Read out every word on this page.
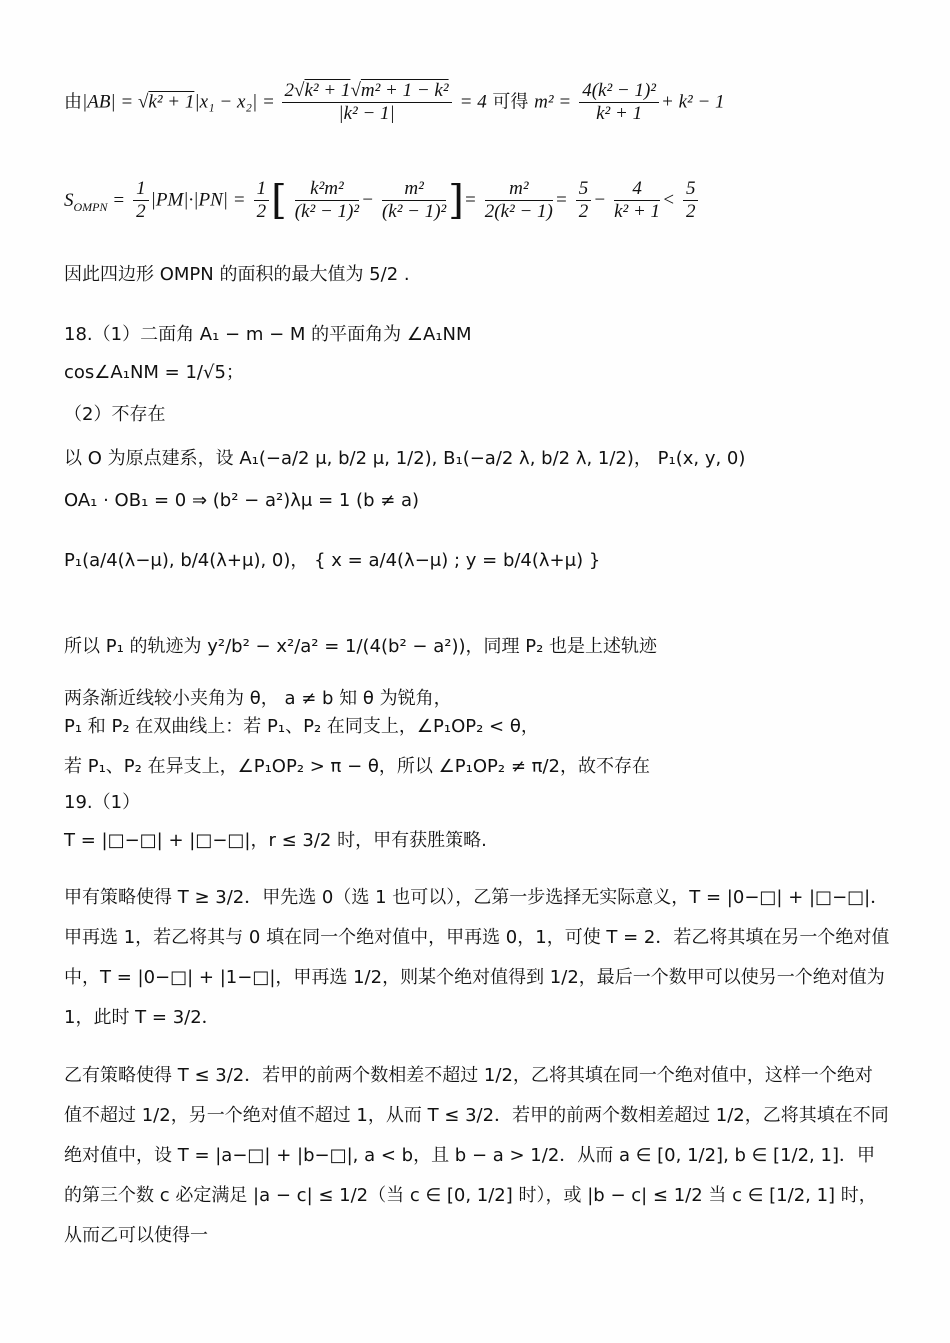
由$|AB| = √k^2 + 1|x_1 - x_2| = \frac{\text{2√k² + 1√m² + 1 − k²}}{\text{|k² − 1|}} = 4$ 可得 $m^2 = \frac{\text{4(k² − 1)²}}{\text{k² + 1}} + k^2 - 1$
$S_{OMPN} = \frac{1}{2} |PM|\cdot|PN| = \frac{1}{2}$ [ $\frac{\text{k²m²}}{\text{(k² − 1)²}} - \frac{\text{m²}}{\text{(k² − 1)²}}$ ]= $\frac{\text{m²}}{\text{2(k² − 1)}} = \frac{5}{2} - \frac{4}{\text{k² + 1}} < \frac{5}{2}$
因此四边形 OMPN 的面积的最大值为 5/2 .
18.（1）二面角 A₁ − m − M 的平面角为 ∠A₁NM
cos∠A₁NM = 1/√5；
（2）不存在
以 O 为原点建系，设 A₁(−a/2 μ, b/2 μ, 1/2), B₁(−a/2 λ, b/2 λ, 1/2)， P₁(x, y, 0)
OA₁ · OB₁ = 0 ⇒ (b² − a²)λμ = 1 (b ≠ a)
P₁(a/4(λ−μ), b/4(λ+μ), 0)， { x = a/4(λ−μ) ; y = b/4(λ+μ) }
所以 P₁ 的轨迹为 y²/b² − x²/a² = 1/(4(b² − a²))，同理 P₂ 也是上述轨迹
两条渐近线较小夹角为 θ， a ≠ b 知 θ 为锐角，
P₁ 和 P₂ 在双曲线上：若 P₁、P₂ 在同支上，∠P₁OP₂ < θ，
若 P₁、P₂ 在异支上，∠P₁OP₂ > π − θ，所以 ∠P₁OP₂ ≠ π/2，故不存在
19.（1）
T = |□−□| + |□−□|，r ≤ 3/2 时，甲有获胜策略.
甲有策略使得 T ≥ 3/2．甲先选 0（选 1 也可以），乙第一步选择无实际意义，T = |0−□| + |□−□|．甲再选 1，若乙将其与 0 填在同一个绝对值中，甲再选 0，1，可使 T = 2．若乙将其填在另一个绝对值中，T = |0−□| + |1−□|，甲再选 1/2，则某个绝对值得到 1/2，最后一个数甲可以使另一个绝对值为 1，此时 T = 3/2．
乙有策略使得 T ≤ 3/2．若甲的前两个数相差不超过 1/2，乙将其填在同一个绝对值中，这样一个绝对值不超过 1/2，另一个绝对值不超过 1，从而 T ≤ 3/2．若甲的前两个数相差超过 1/2，乙将其填在不同绝对值中，设 T = |a−□| + |b−□|, a < b，且 b − a > 1/2．从而 a ∈ [0, 1/2], b ∈ [1/2, 1]．甲的第三个数 c 必定满足 |a − c| ≤ 1/2（当 c ∈ [0, 1/2] 时），或 |b − c| ≤ 1/2 当 c ∈ [1/2, 1] 时，从而乙可以使得一
